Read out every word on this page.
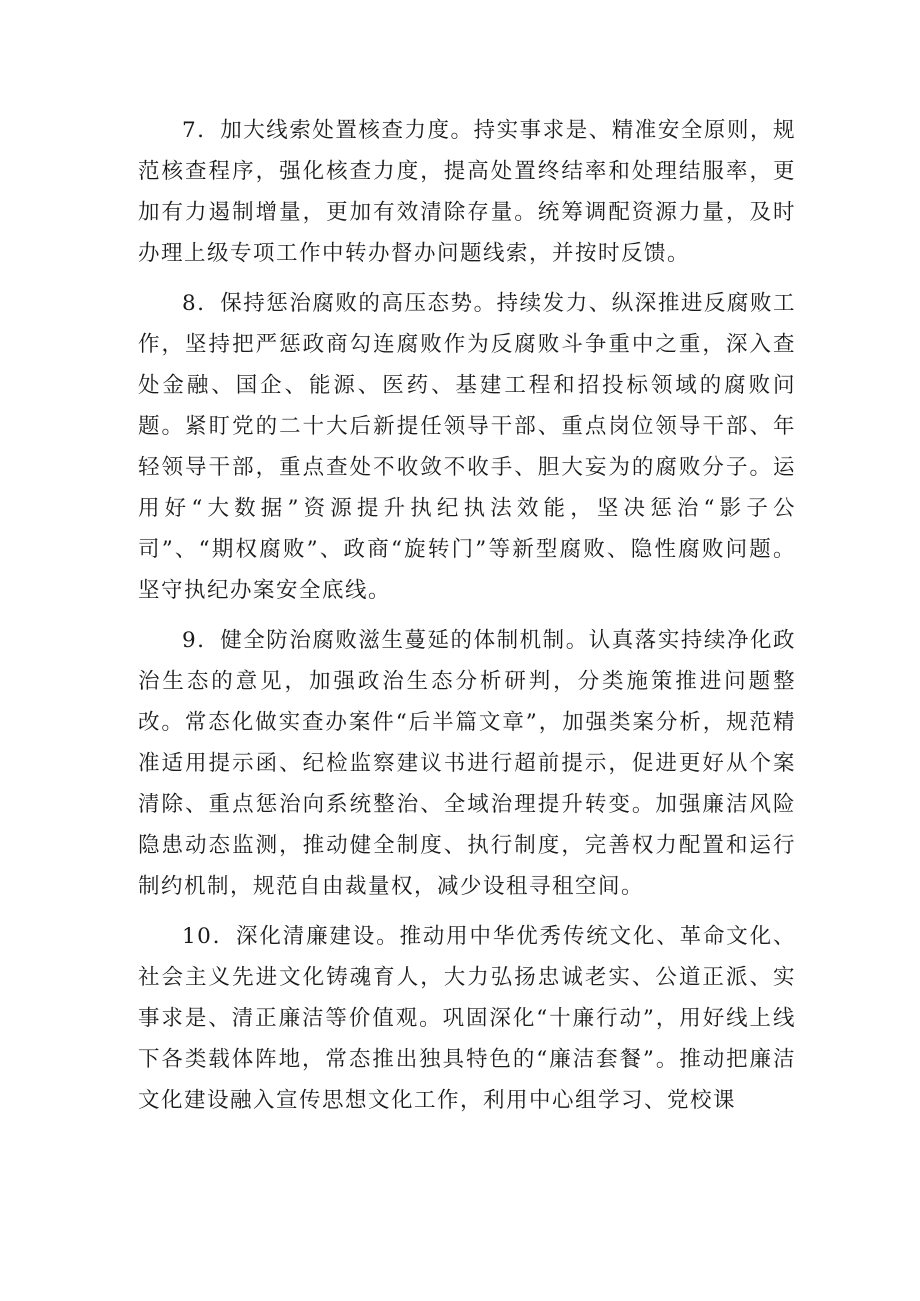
7．加大线索处置核查力度。持实事求是、精准安全原则，规范核查程序，强化核查力度，提高处置终结率和处理结服率，更加有力遏制增量，更加有效清除存量。统筹调配资源力量，及时办理上级专项工作中转办督办问题线索，并按时反馈。

8．保持惩治腐败的高压态势。持续发力、纵深推进反腐败工作，坚持把严惩政商勾连腐败作为反腐败斗争重中之重，深入查处金融、国企、能源、医药、基建工程和招投标领域的腐败问题。紧盯党的二十大后新提任领导干部、重点岗位领导干部、年轻领导干部，重点查处不收敛不收手、胆大妄为的腐败分子。运用好“大数据”资源提升执纪执法效能，坚决惩治“影子公司”、“期权腐败”、政商“旋转门”等新型腐败、隐性腐败问题。坚守执纪办案安全底线。

9．健全防治腐败滋生蔓延的体制机制。认真落实持续净化政治生态的意见，加强政治生态分析研判，分类施策推进问题整改。常态化做实查办案件“后半篇文章”，加强类案分析，规范精准适用提示函、纪检监察建议书进行超前提示，促进更好从个案清除、重点惩治向系统整治、全域治理提升转变。加强廉洁风险隐患动态监测，推动健全制度、执行制度，完善权力配置和运行制约机制，规范自由裁量权，减少设租寻租空间。

10．深化清廉建设。推动用中华优秀传统文化、革命文化、社会主义先进文化铸魂育人，大力弘扬忠诚老实、公道正派、实事求是、清正廉洁等价值观。巩固深化“十廉行动”，用好线上线下各类载体阵地，常态推出独具特色的“廉洁套餐”。推动把廉洁文化建设融入宣传思想文化工作，利用中心组学习、党校课
